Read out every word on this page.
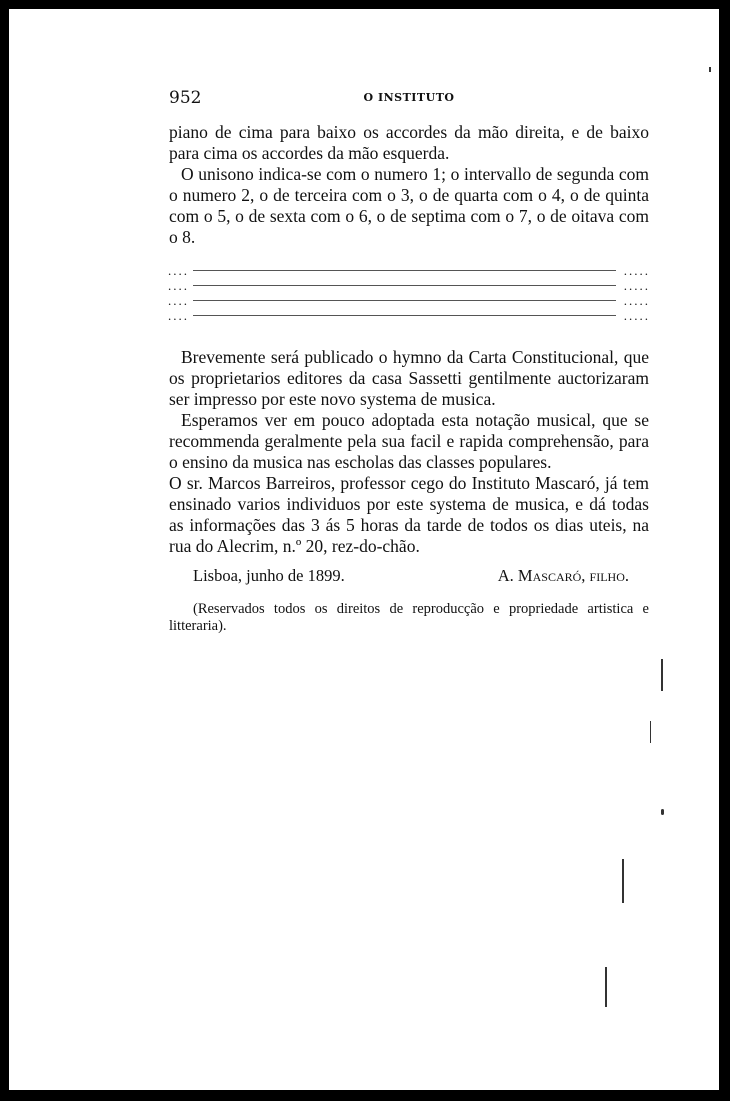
952	O INSTITUTO

piano de cima para baixo os accordes da mão direita, e de baixo para cima os accordes da mão esquerda.

O unisono indica-se com o numero 1; o intervallo de segunda com o numero 2, o de terceira com o 3, o de quarta com o 4, o de quinta com o 5, o de sexta com o 6, o de septima com o 7, o de oitava com o 8.

....	.....
....	.....
....	.....
....	.....

Brevemente será publicado o hymno da Carta Constitucional, que os proprietarios editores da casa Sassetti gentilmente auctorizaram ser impresso por este novo systema de musica.

Esperamos ver em pouco adoptada esta notação musical, que se recommenda geralmente pela sua facil e rapida comprehensão, para o ensino da musica nas escholas das classes populares.

O sr. Marcos Barreiros, professor cego do Instituto Mascaró, já tem ensinado varios individuos por este systema de musica, e dá todas as informações das 3 ás 5 horas da tarde de todos os dias uteis, na rua do Alecrim, n.º 20, rez-do-chão.

Lisboa, junho de 1899.	A. Mascaró, filho.
(Reservados todos os direitos de reproducção e propriedade artistica e litteraria).
